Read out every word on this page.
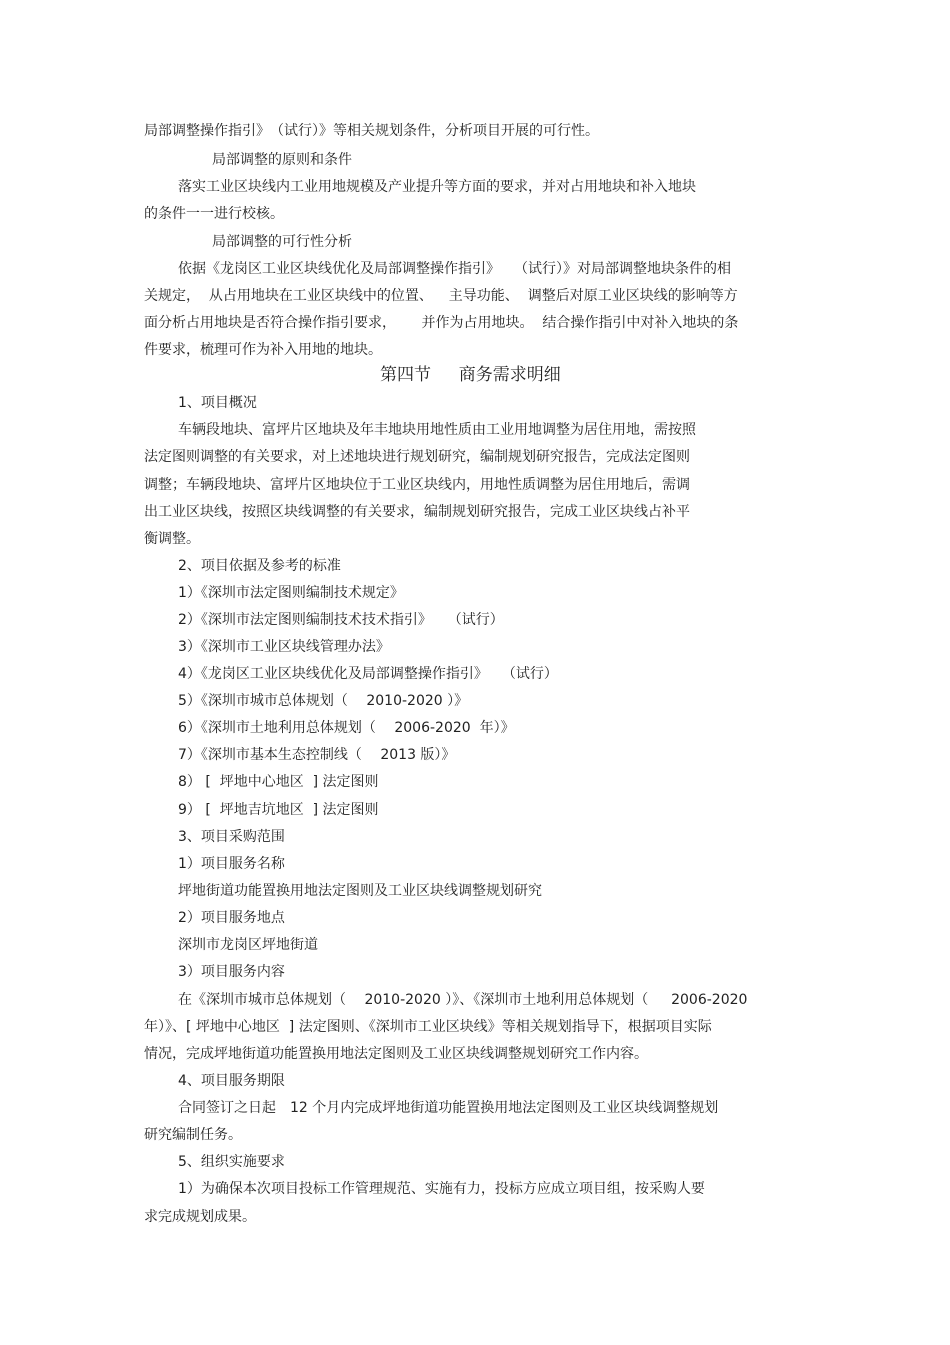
局部调整操作指引》　（试行）》等相关规划条件，分析项目开展的可行性。

局部调整的原则和条件

落实工业区块线内工业用地规模及产业提升等方面的要求，并对占用地块和补入地块

的条件一一进行校核。

局部调整的可行性分析

依据《龙岗区工业区块线优化及局部调整操作指引》　　（试行）》对局部调整地块条件的相

关规定，  从占用地块在工业区块线中的位置、　  主导功能、  调整后对原工业区块线的影响等方

面分析占用地块是否符合操作指引要求，　　 并作为占用地块。  结合操作指引中对补入地块的条

件要求，梳理可作为补入用地的地块。

第四节　  商务需求明细

1、项目概况

车辆段地块、富坪片区地块及年丰地块用地性质由工业用地调整为居住用地，需按照

法定图则调整的有关要求，对上述地块进行规划研究，编制规划研究报告，完成法定图则

调整；车辆段地块、富坪片区地块位于工业区块线内，用地性质调整为居住用地后，需调

出工业区块线，按照区块线调整的有关要求，编制规划研究报告，完成工业区块线占补平

衡调整。

2、项目依据及参考的标准

1）《深圳市法定图则编制技术规定》

2）《深圳市法定图则编制技术技术指引》　  （试行）

3）《深圳市工业区块线管理办法》

4）《龙岗区工业区块线优化及局部调整操作指引》　　（试行）

5）《深圳市城市总体规划（　 2010-2020 ）》

6）《深圳市土地利用总体规划（　 2006-2020  年）》

7）《深圳市基本生态控制线（　 2013 版）》

8） [  坪地中心地区  ] 法定图则

9） [  坪地吉坑地区  ] 法定图则

3、项目采购范围

1）项目服务名称

坪地街道功能置换用地法定图则及工业区块线调整规划研究

2）项目服务地点

深圳市龙岗区坪地街道

3）项目服务内容

在《深圳市城市总体规划（　 2010-2020 ）》、《深圳市土地利用总体规划（　  2006-2020

年）》、[ 坪地中心地区  ] 法定图则、《深圳市工业区块线》等相关规划指导下，根据项目实际

情况，完成坪地街道功能置换用地法定图则及工业区块线调整规划研究工作内容。

4、项目服务期限

合同签订之日起　12 个月内完成坪地街道功能置换用地法定图则及工业区块线调整规划

研究编制任务。

5、组织实施要求

1）为确保本次项目投标工作管理规范、实施有力，投标方应成立项目组，按采购人要

求完成规划成果。
